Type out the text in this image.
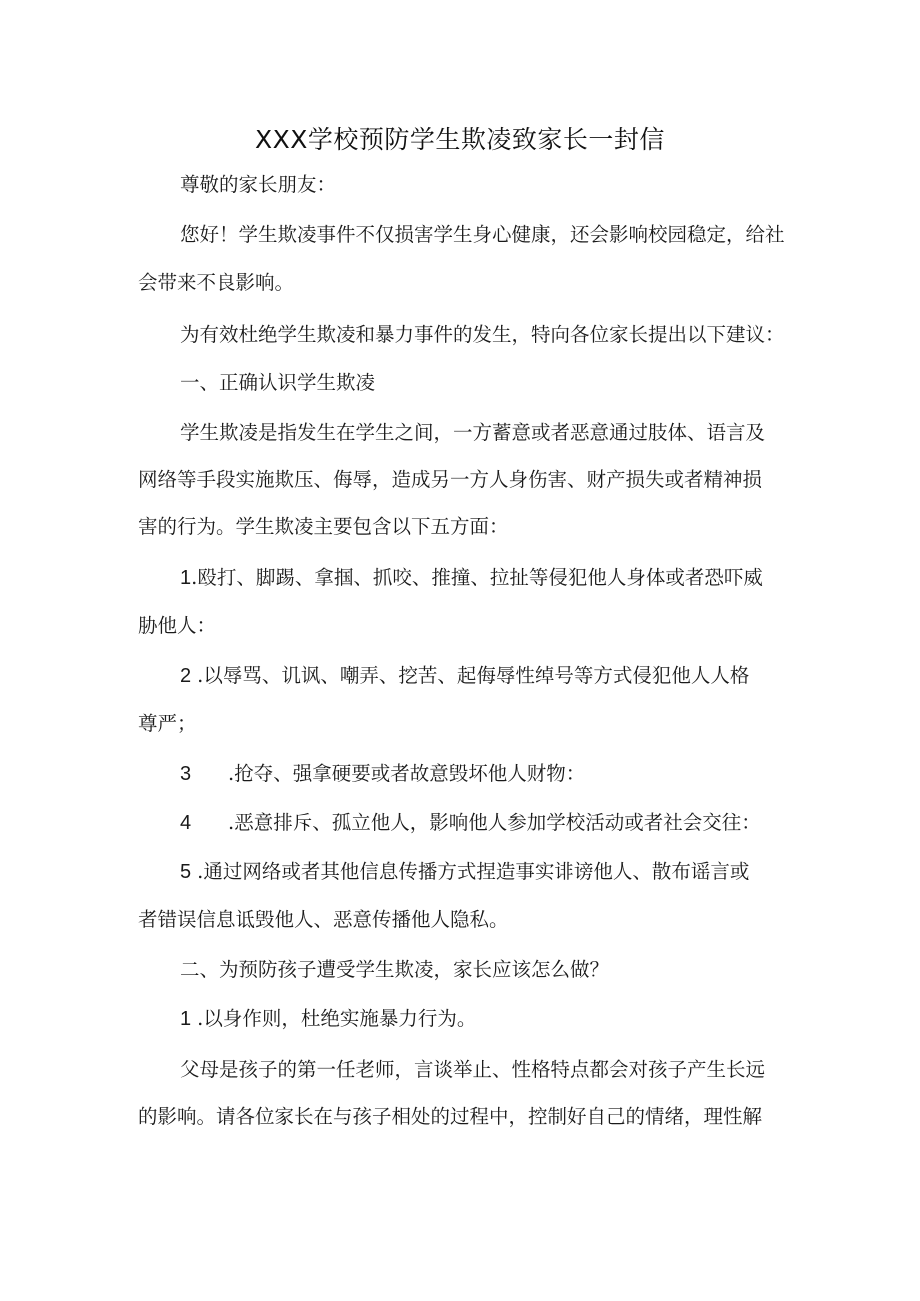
XXX学校预防学生欺凌致家长一封信
尊敬的家长朋友：
您好！学生欺凌事件不仅损害学生身心健康，还会影响校园稳定，给社
会带来不良影响。
为有效杜绝学生欺凌和暴力事件的发生，特向各位家长提出以下建议：
一、正确认识学生欺凌
学生欺凌是指发生在学生之间，一方蓄意或者恶意通过肢体、语言及
网络等手段实施欺压、侮辱，造成另一方人身伤害、财产损失或者精神损
害的行为。学生欺凌主要包含以下五方面：
1.殴打、脚踢、拿掴、抓咬、推撞、拉扯等侵犯他人身体或者恐吓威
胁他人：
2 .以辱骂、讥讽、嘲弄、挖苦、起侮辱性绰号等方式侵犯他人人格
尊严；
3 .抢夺、强拿硬要或者故意毁坏他人财物：
4 .恶意排斥、孤立他人，影响他人参加学校活动或者社会交往：
5 .通过网络或者其他信息传播方式捏造事实诽谤他人、散布谣言或
者错误信息诋毁他人、恶意传播他人隐私。
二、为预防孩子遭受学生欺凌，家长应该怎么做？
1 .以身作则，杜绝实施暴力行为。
父母是孩子的第一任老师，言谈举止、性格特点都会对孩子产生长远
的影响。请各位家长在与孩子相处的过程中，控制好自己的情绪，理性解
